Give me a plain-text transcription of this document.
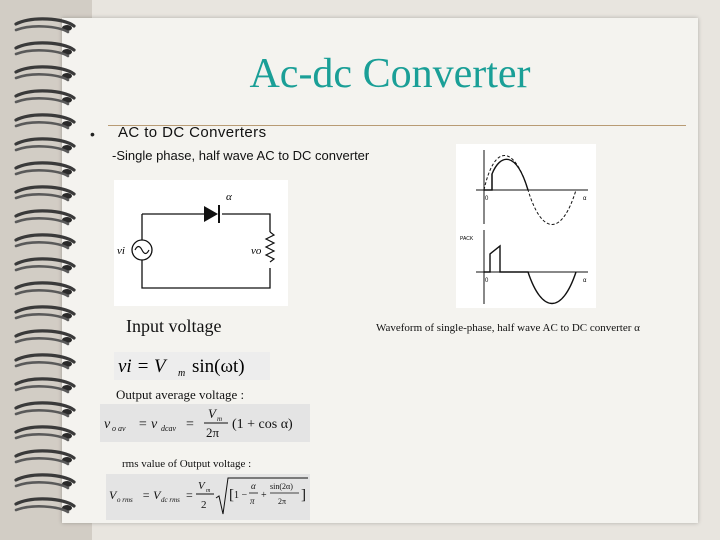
Ac-dc Converter
• AC to DC Converters
-Single phase, half wave AC to DC converter
α
vi	vo
0	α
0	α
PACK
Input voltage	Waveform of single-phase, half wave AC to DC converter α
vi = V m sin(ωt)
Output average voltage :
v o av = v dcav =
V m
2π
(1 + cos α)
rms value of Output voltage :
V o rms = V dc rms =
V m
2
[ 1 −
α
π +
sin(2α)
2π ]
